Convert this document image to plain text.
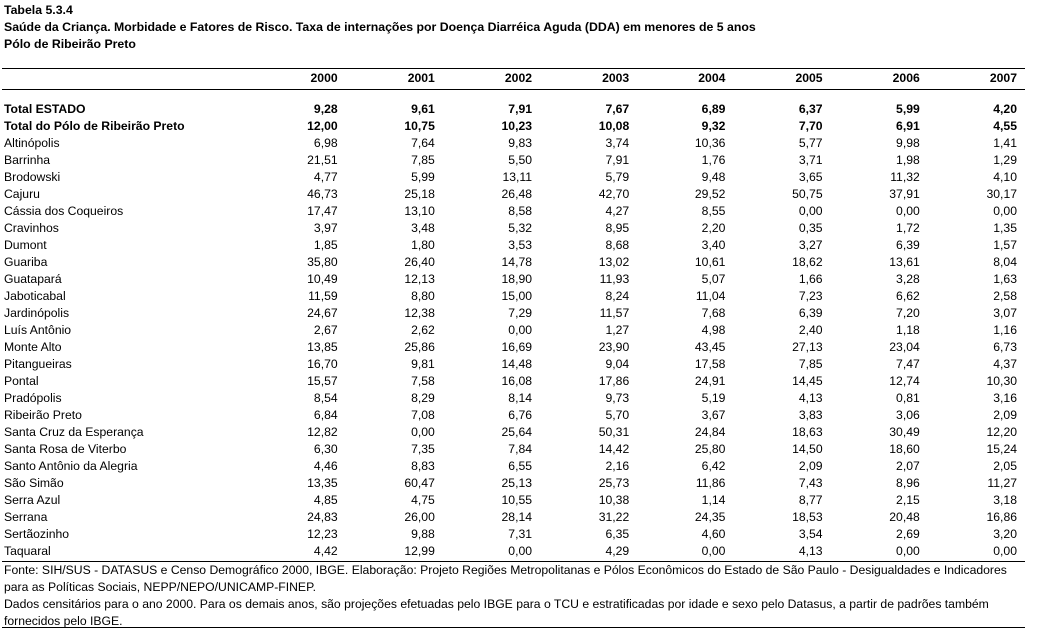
Tabela 5.3.4
Saúde da Criança. Morbidade e Fatores de Risco. Taxa de internações por Doença Diarréica Aguda (DDA) em menores de 5 anos
Pólo de Ribeirão Preto
	2000	2001	2002	2003	2004	2005	2006	2007

Total ESTADO	9,28	9,61	7,91	7,67	6,89	6,37	5,99	4,20
Total do Pólo de Ribeirão Preto	12,00	10,75	10,23	10,08	9,32	7,70	6,91	4,55
Altinópolis	6,98	7,64	9,83	3,74	10,36	5,77	9,98	1,41
Barrinha	21,51	7,85	5,50	7,91	1,76	3,71	1,98	1,29
Brodowski	4,77	5,99	13,11	5,79	9,48	3,65	11,32	4,10
Cajuru	46,73	25,18	26,48	42,70	29,52	50,75	37,91	30,17
Cássia dos Coqueiros	17,47	13,10	8,58	4,27	8,55	0,00	0,00	0,00
Cravinhos	3,97	3,48	5,32	8,95	2,20	0,35	1,72	1,35
Dumont	1,85	1,80	3,53	8,68	3,40	3,27	6,39	1,57
Guariba	35,80	26,40	14,78	13,02	10,61	18,62	13,61	8,04
Guatapará	10,49	12,13	18,90	11,93	5,07	1,66	3,28	1,63
Jaboticabal	11,59	8,80	15,00	8,24	11,04	7,23	6,62	2,58
Jardinópolis	24,67	12,38	7,29	11,57	7,68	6,39	7,20	3,07
Luís Antônio	2,67	2,62	0,00	1,27	4,98	2,40	1,18	1,16
Monte Alto	13,85	25,86	16,69	23,90	43,45	27,13	23,04	6,73
Pitangueiras	16,70	9,81	14,48	9,04	17,58	7,85	7,47	4,37
Pontal	15,57	7,58	16,08	17,86	24,91	14,45	12,74	10,30
Pradópolis	8,54	8,29	8,14	9,73	5,19	4,13	0,81	3,16
Ribeirão Preto	6,84	7,08	6,76	5,70	3,67	3,83	3,06	2,09
Santa Cruz da Esperança	12,82	0,00	25,64	50,31	24,84	18,63	30,49	12,20
Santa Rosa de Viterbo	6,30	7,35	7,84	14,42	25,80	14,50	18,60	15,24
Santo Antônio da Alegria	4,46	8,83	6,55	2,16	6,42	2,09	2,07	2,05
São Simão	13,35	60,47	25,13	25,73	11,86	7,43	8,96	11,27
Serra Azul	4,85	4,75	10,55	10,38	1,14	8,77	2,15	3,18
Serrana	24,83	26,00	28,14	31,22	24,35	18,53	20,48	16,86
Sertãozinho	12,23	9,88	7,31	6,35	4,60	3,54	2,69	3,20
Taquaral	4,42	12,99	0,00	4,29	0,00	4,13	0,00	0,00
Fonte: SIH/SUS - DATASUS e Censo Demográfico 2000, IBGE. Elaboração: Projeto Regiões Metropolitanas e Pólos Econômicos do Estado de São Paulo - Desigualdades e Indicadores para as Políticas Sociais, NEPP/NEPO/UNICAMP-FINEP.
Dados censitários para o ano 2000. Para os demais anos, são projeções efetuadas pelo IBGE para o TCU e estratificadas por idade e sexo pelo Datasus, a partir de padrões também fornecidos pelo IBGE.
